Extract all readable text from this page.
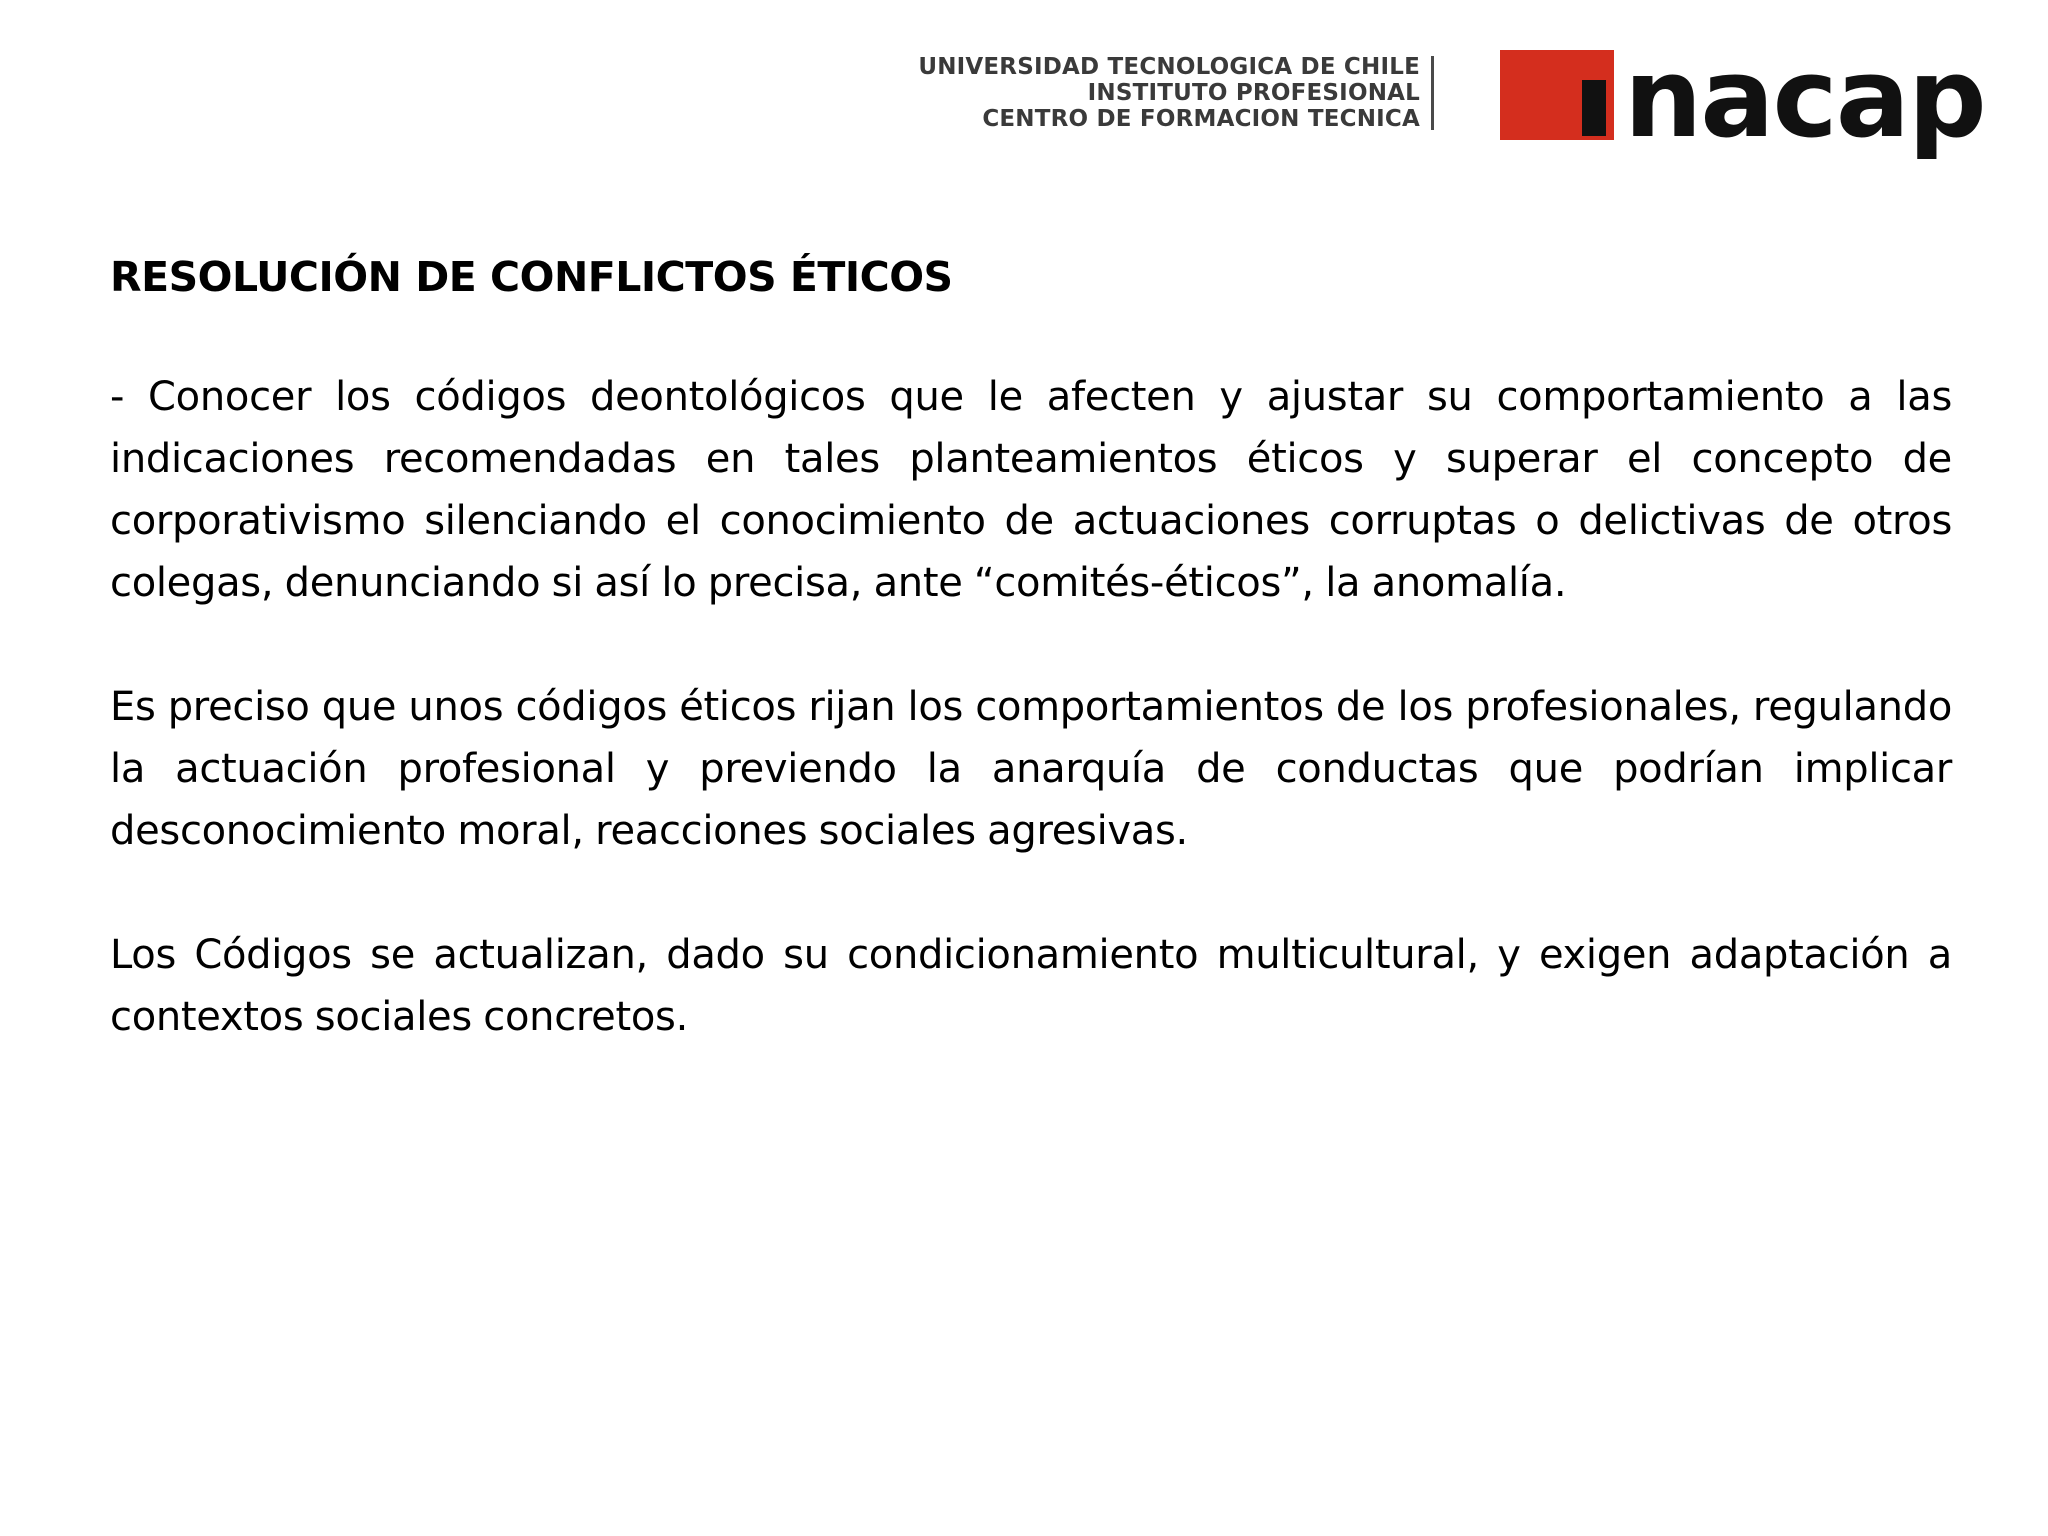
UNIVERSIDAD TECNOLOGICA DE CHILE
INSTITUTO PROFESIONAL
CENTRO DE FORMACION TECNICA nacap
RESOLUCIÓN DE CONFLICTOS ÉTICOS

- Conocer los códigos deontológicos que le afecten y ajustar su comportamiento a las indicaciones recomendadas en tales planteamientos éticos y superar el concepto de corporativismo silenciando el conocimiento de actuaciones corruptas o delictivas de otros colegas, denunciando si así lo precisa, ante “comités-éticos”, la anomalía.

Es preciso que unos códigos éticos rijan los comportamientos de los profesionales, regulando la actuación profesional y previendo la anarquía de conductas que podrían implicar desconocimiento moral, reacciones sociales agresivas.

Los Códigos se actualizan, dado su condicionamiento multicultural, y exigen adaptación a contextos sociales concretos.
